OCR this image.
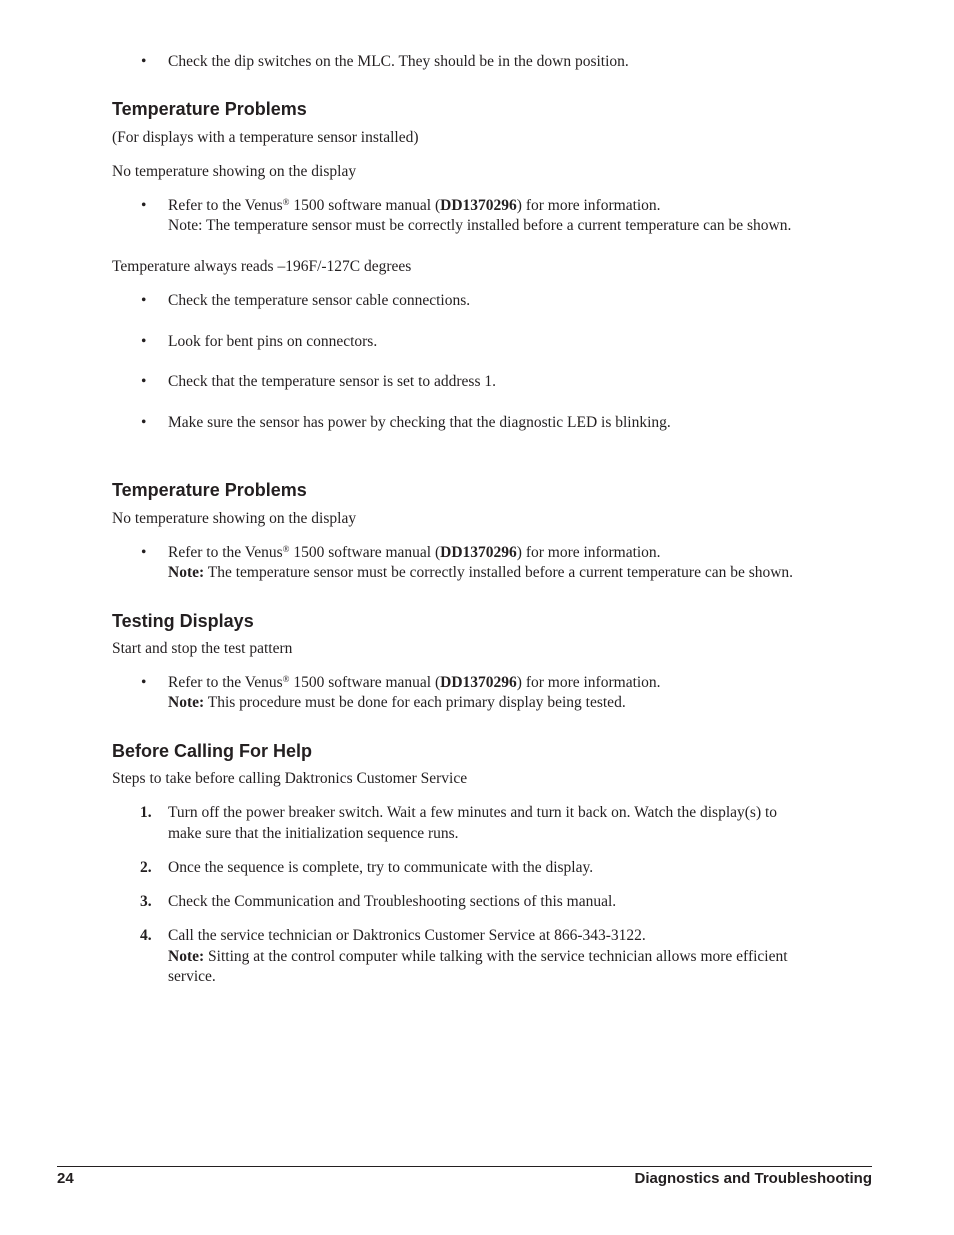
• Check the dip switches on the MLC. They should be in the down position.
Temperature Problems
(For displays with a temperature sensor installed)
No temperature showing on the display
• Refer to the Venus® 1500 software manual (DD1370296) for more information.
Note: The temperature sensor must be correctly installed before a current temperature can be shown.
Temperature always reads –196F/-127C degrees
• Check the temperature sensor cable connections.
• Look for bent pins on connectors.
• Check that the temperature sensor is set to address 1.
• Make sure the sensor has power by checking that the diagnostic LED is blinking.
Temperature Problems
No temperature showing on the display
• Refer to the Venus® 1500 software manual (DD1370296) for more information.
Note: The temperature sensor must be correctly installed before a current temperature can be shown.
Testing Displays
Start and stop the test pattern
• Refer to the Venus® 1500 software manual (DD1370296) for more information.
Note: This procedure must be done for each primary display being tested.
Before Calling For Help
Steps to take before calling Daktronics Customer Service
1. Turn off the power breaker switch. Wait a few minutes and turn it back on. Watch the display(s) to
make sure that the initialization sequence runs.
2. Once the sequence is complete, try to communicate with the display.
3. Check the Communication and Troubleshooting sections of this manual.
4. Call the service technician or Daktronics Customer Service at 866-343-3122.
Note: Sitting at the control computer while talking with the service technician allows more efficient
service.
24	Diagnostics and Troubleshooting
